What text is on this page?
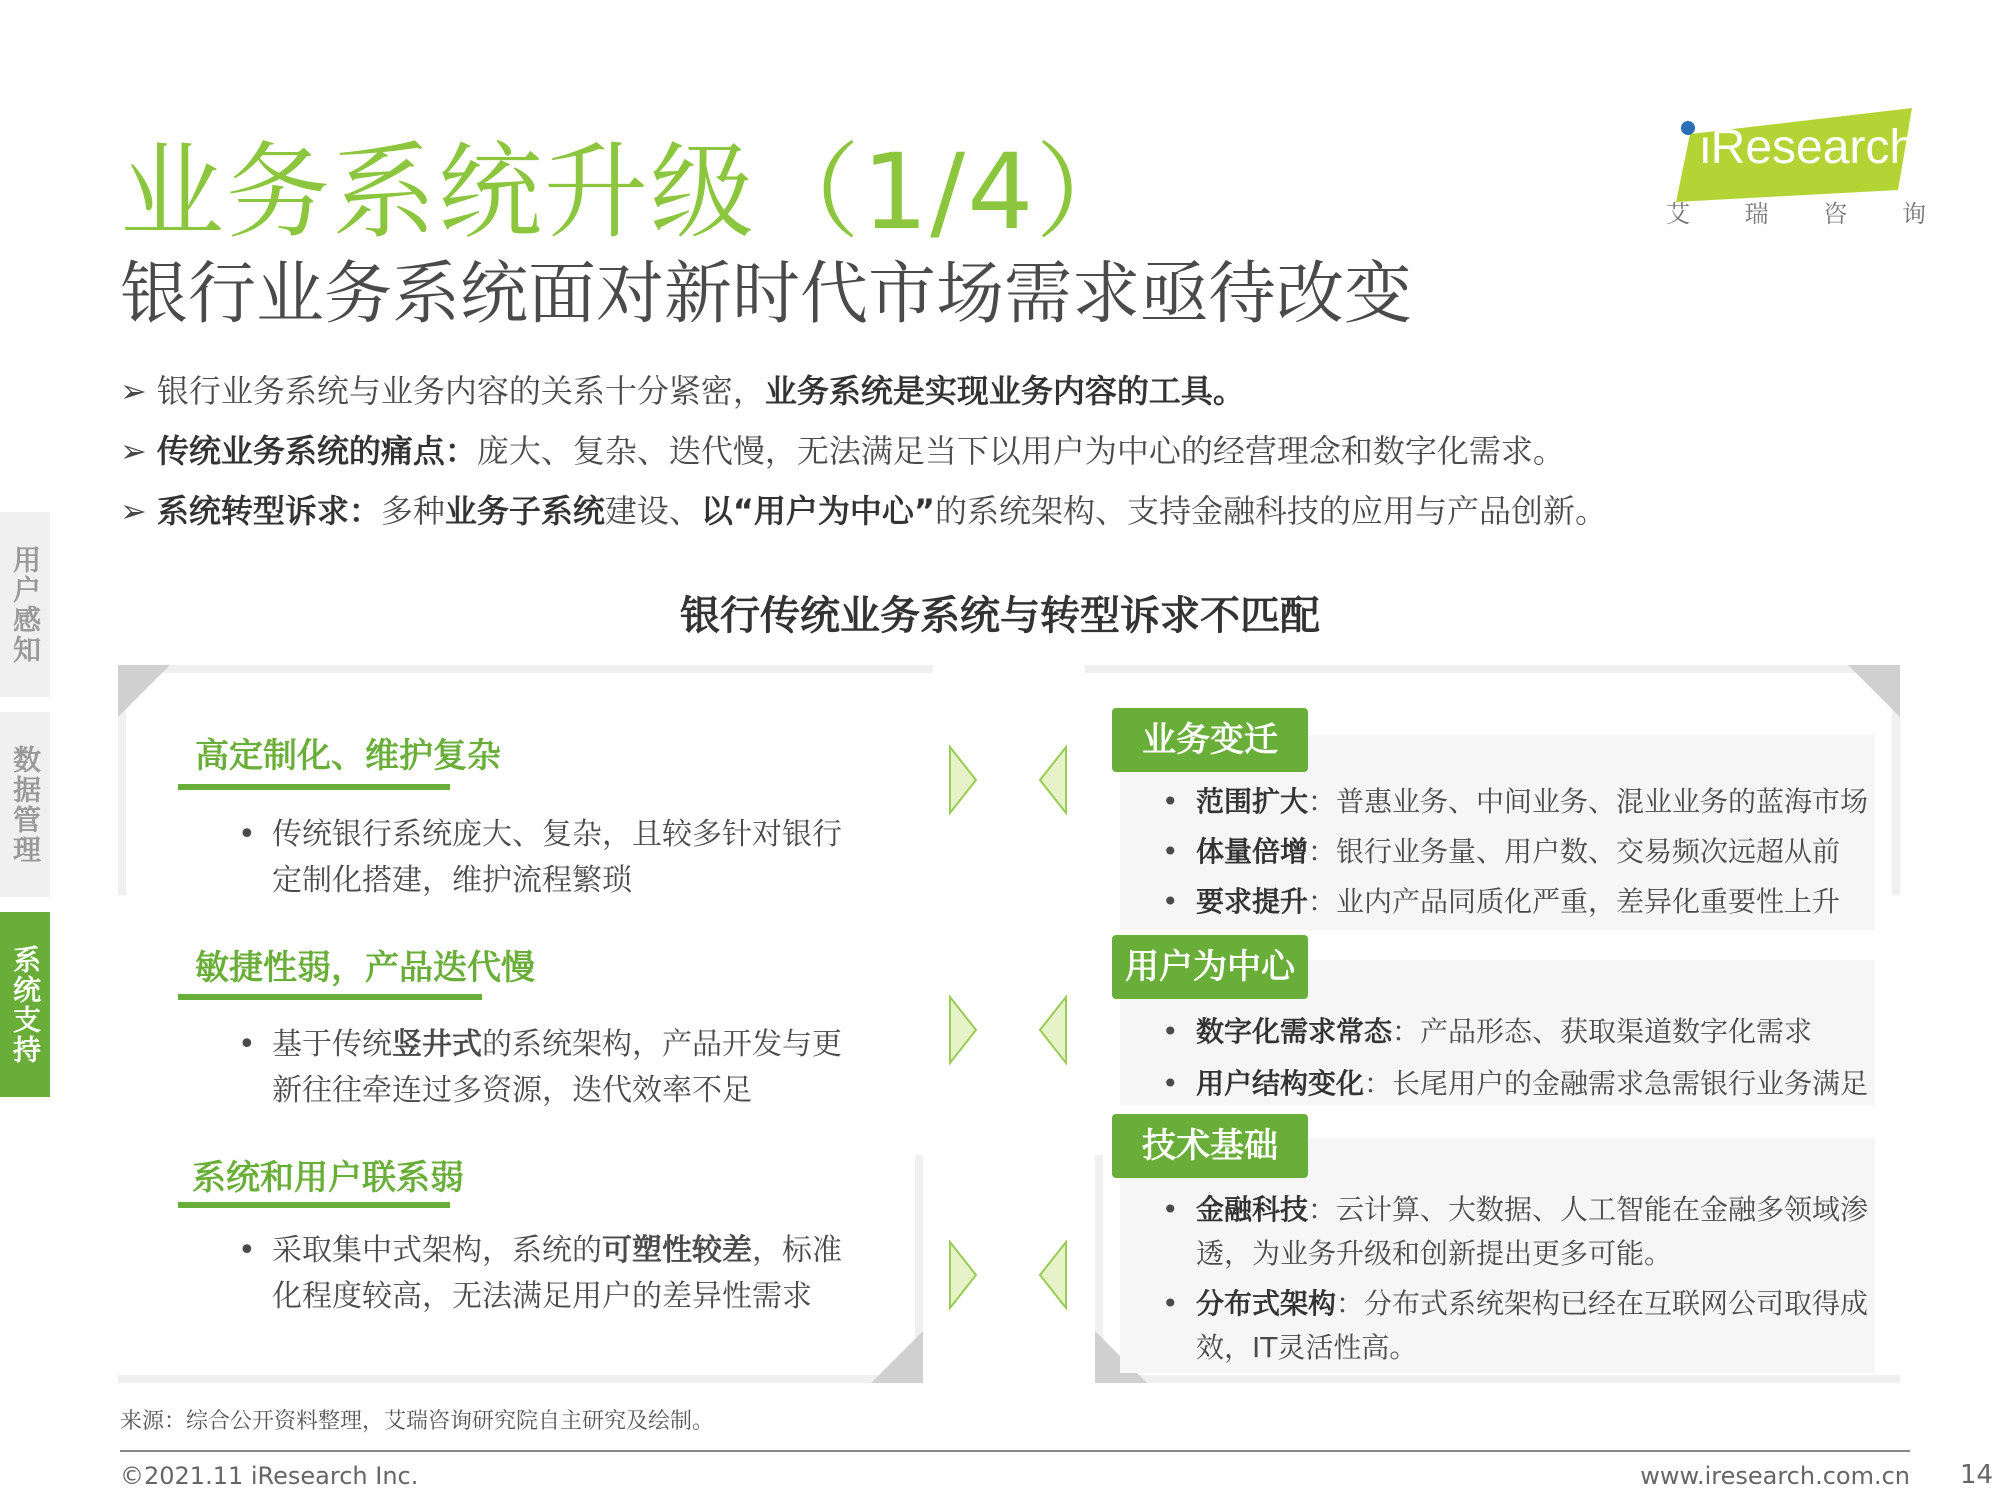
业务系统升级（1/4）
银行业务系统面对新时代市场需求亟待改变
iResearch
艾 瑞 咨 询
➢ 银行业务系统与业务内容的关系十分紧密，业务系统是实现业务内容的工具。
➢ 传统业务系统的痛点：庞大、复杂、迭代慢，无法满足当下以用户为中心的经营理念和数字化需求。
➢ 系统转型诉求：多种业务子系统建设、以“用户为中心”的系统架构、支持金融科技的应用与产品创新。
用户感知
数据管理
系统支持
银行传统业务系统与转型诉求不匹配
高定制化、维护复杂
• 传统银行系统庞大、复杂，且较多针对银行定制化搭建，维护流程繁琐
敏捷性弱，产品迭代慢
• 基于传统竖井式的系统架构，产品开发与更新往往牵连过多资源，迭代效率不足
系统和用户联系弱
• 采取集中式架构，系统的可塑性较差，标准化程度较高，无法满足用户的差异性需求
业务变迁
• 范围扩大：普惠业务、中间业务、混业业务的蓝海市场
• 体量倍增：银行业务量、用户数、交易频次远超从前
• 要求提升：业内产品同质化严重，差异化重要性上升
用户为中心
• 数字化需求常态：产品形态、获取渠道数字化需求
• 用户结构变化：长尾用户的金融需求急需银行业务满足
技术基础
• 金融科技：云计算、大数据、人工智能在金融多领域渗透，为业务升级和创新提出更多可能。
• 分布式架构：分布式系统架构已经在互联网公司取得成效，IT灵活性高。
来源：综合公开资料整理，艾瑞咨询研究院自主研究及绘制。
©2021.11 iResearch Inc.	www.iresearch.com.cn 14
